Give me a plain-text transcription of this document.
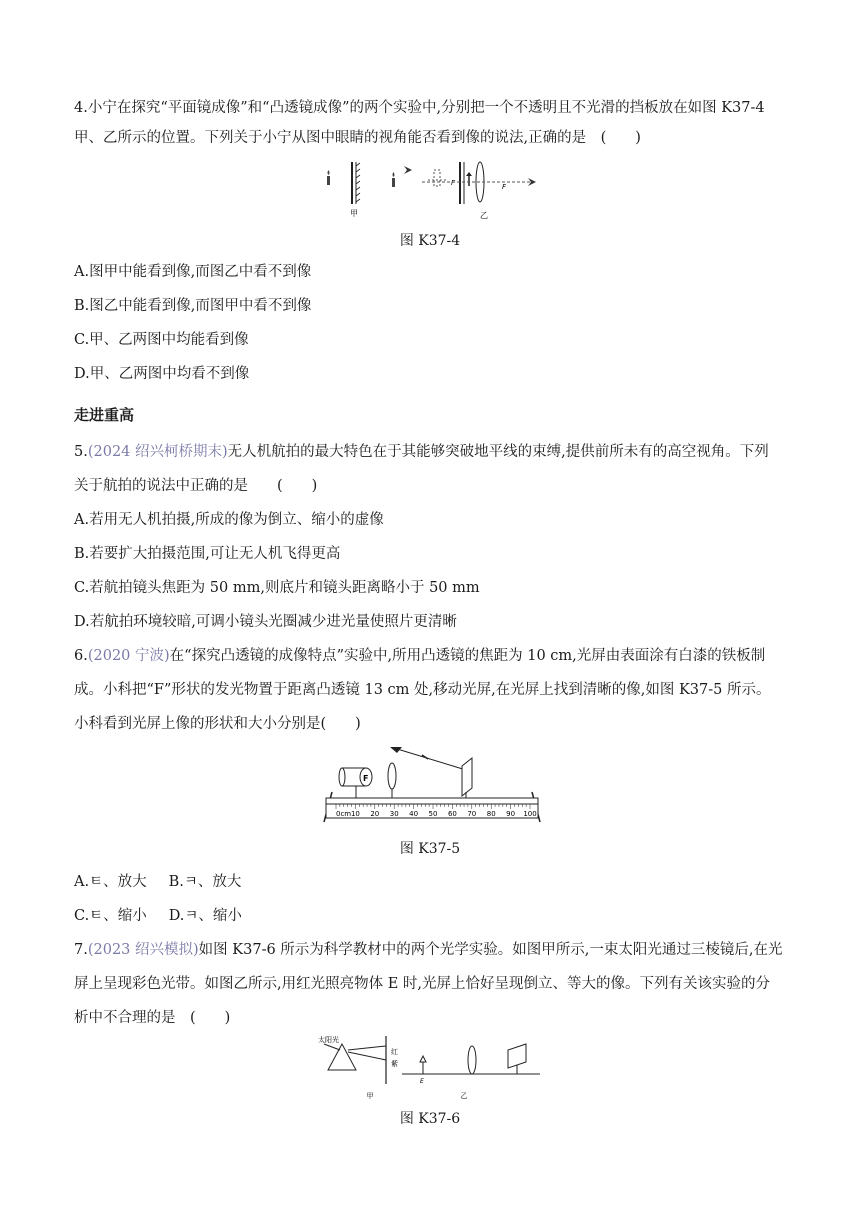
4.小宁在探究“平面镜成像”和“凸透镜成像”的两个实验中,分别把一个不透明且不光滑的挡板放在如图 K37-4
甲、乙所示的位置。下列关于小宁从图中眼睛的视角能否看到像的说法,正确的是　(　　)
甲
F	F
乙
图 K37-4
A.图甲中能看到像,而图乙中看不到像
B.图乙中能看到像,而图甲中看不到像
C.甲、乙两图中均能看到像
D.甲、乙两图中均看不到像
走进重高
5.(2024 绍兴柯桥期末)无人机航拍的最大特色在于其能够突破地平线的束缚,提供前所未有的高空视角。下列
关于航拍的说法中正确的是　　(　　)
A.若用无人机拍摄,所成的像为倒立、缩小的虚像
B.若要扩大拍摄范围,可让无人机飞得更高
C.若航拍镜头焦距为 50 mm,则底片和镜头距离略小于 50 mm
D.若航拍环境较暗,可调小镜头光圈减少进光量使照片更清晰
6.(2020 宁波)在“探究凸透镜的成像特点”实验中,所用凸透镜的焦距为 10 cm,光屏由表面涂有白漆的铁板制
成。小科把“F”形状的发光物置于距离凸透镜 13 cm 处,移动光屏,在光屏上找到清晰的像,如图 K37-5 所示。
小科看到光屏上像的形状和大小分别是(　　)
F
0cm 10 20 30 40 50 60 70 80 90 100
图 K37-5
A.ㅌ、放大 B.ㅋ、放大
C.ㅌ、缩小 D.ㅋ、缩小
7.(2023 绍兴模拟)如图 K37-6 所示为科学教材中的两个光学实验。如图甲所示,一束太阳光通过三棱镜后,在光
屏上呈现彩色光带。如图乙所示,用红光照亮物体 E 时,光屏上恰好呈现倒立、等大的像。下列有关该实验的分
析中不合理的是　(　　)
太阳光
红
紫
E
甲	乙
图 K37-6
